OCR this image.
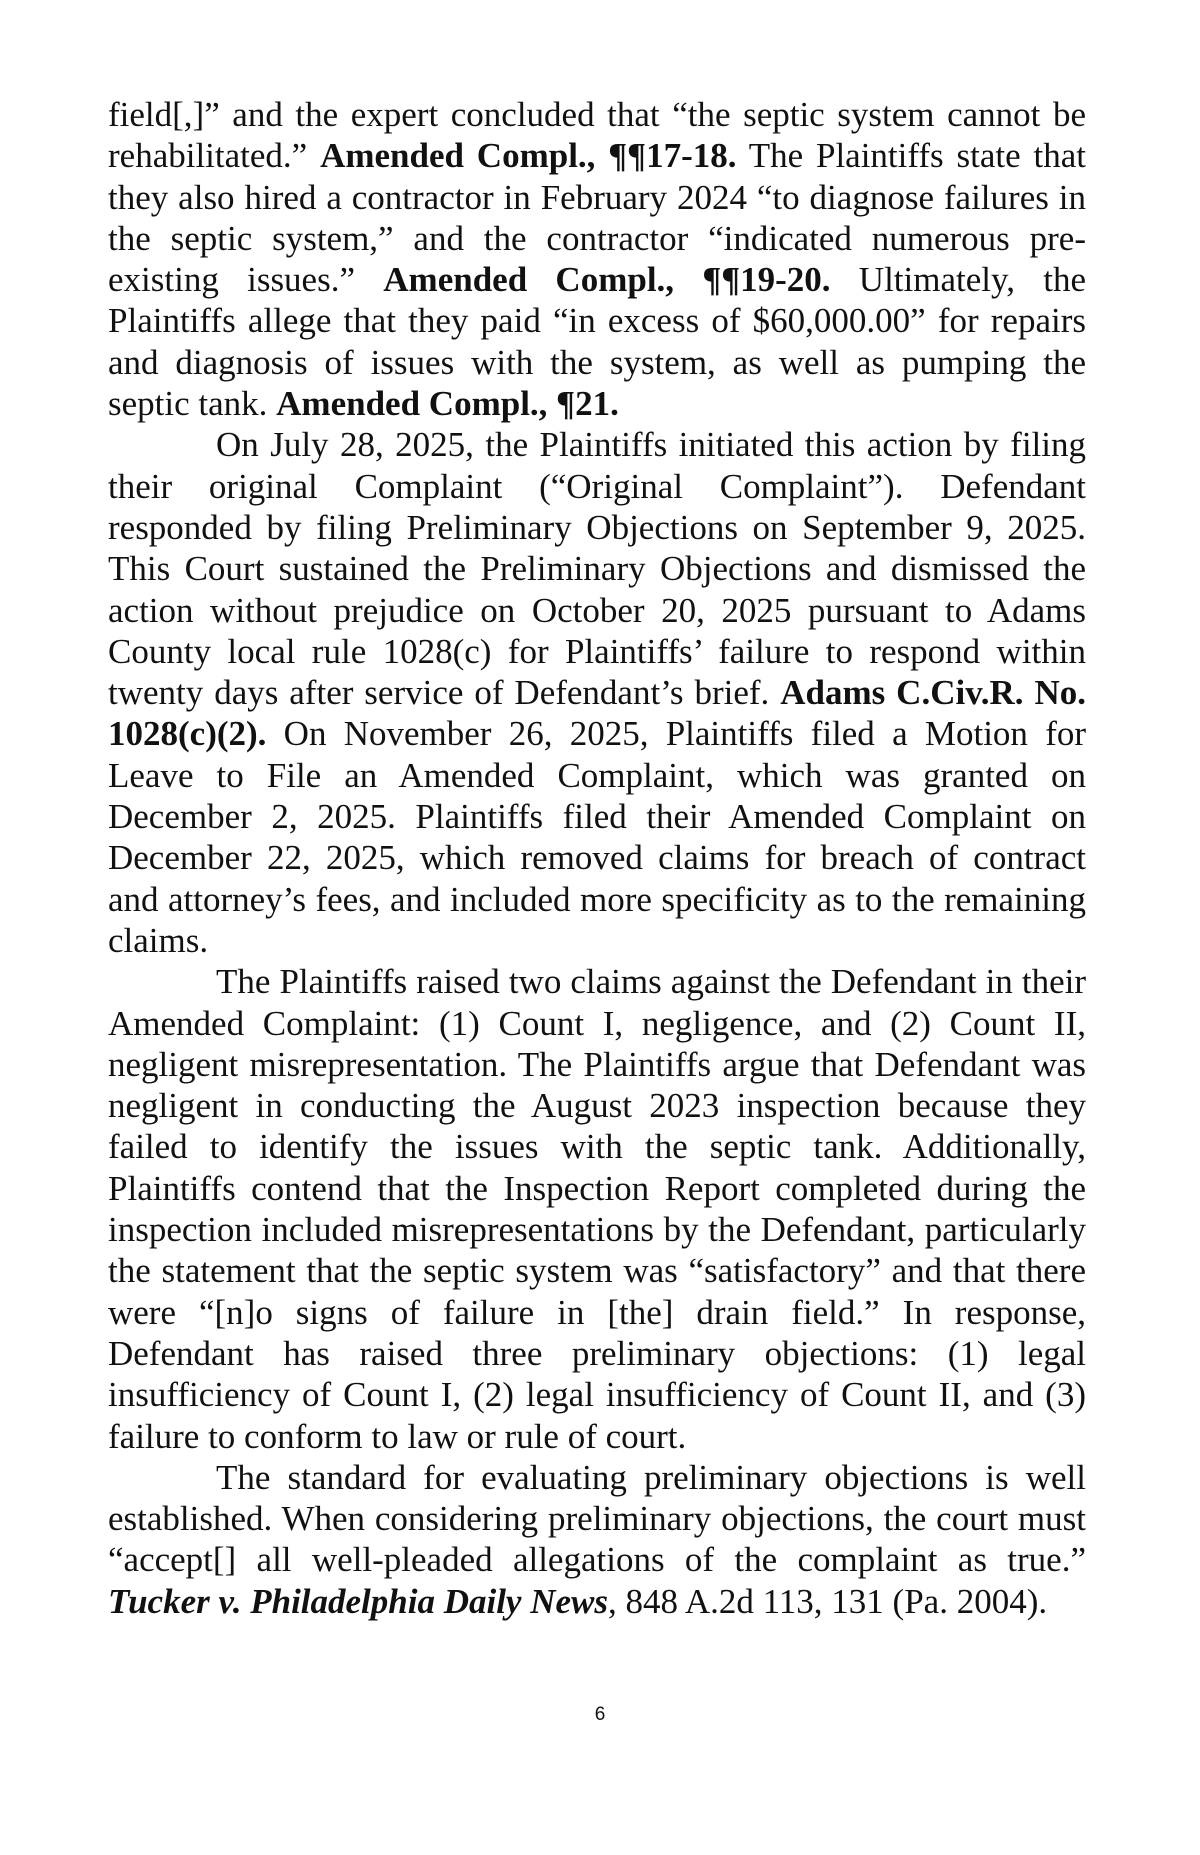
field[,]” and the expert concluded that “the septic system cannot be rehabilitated.” Amended Compl., ¶¶17-18. The Plaintiffs state that they also hired a contractor in February 2024 “to diagnose failures in the septic system,” and the contractor “indicated numerous pre-existing issues.” Amended Compl., ¶¶19-20. Ultimately, the Plaintiffs allege that they paid “in excess of $60,000.00” for repairs and diagnosis of issues with the system, as well as pumping the septic tank. Amended Compl., ¶21.

On July 28, 2025, the Plaintiffs initiated this action by filing their original Complaint (“Original Complaint”). Defendant responded by filing Preliminary Objections on September 9, 2025. This Court sustained the Preliminary Objections and dismissed the action without prejudice on October 20, 2025 pursuant to Adams County local rule 1028(c) for Plaintiffs’ failure to respond within twenty days after service of Defendant’s brief. Adams C.Civ.R. No. 1028(c)(2). On November 26, 2025, Plaintiffs filed a Motion for Leave to File an Amended Complaint, which was granted on December 2, 2025. Plaintiffs filed their Amended Complaint on December 22, 2025, which removed claims for breach of contract and attorney’s fees, and included more specificity as to the remaining claims.

The Plaintiffs raised two claims against the Defendant in their Amended Complaint: (1) Count I, negligence, and (2) Count II, negligent misrepresentation. The Plaintiffs argue that Defendant was negligent in conducting the August 2023 inspection because they failed to identify the issues with the septic tank. Additionally, Plaintiffs contend that the Inspection Report completed during the inspection included misrepresentations by the Defendant, particularly the statement that the septic system was “satisfactory” and that there were “[n]o signs of failure in [the] drain field.” In response, Defendant has raised three preliminary objections: (1) legal insufficiency of Count I, (2) legal insufficiency of Count II, and (3) failure to conform to law or rule of court.

The standard for evaluating preliminary objections is well established. When considering preliminary objections, the court must “accept[] all well-pleaded allegations of the complaint as true.” Tucker v. Philadelphia Daily News, 848 A.2d 113, 131 (Pa. 2004).

6
